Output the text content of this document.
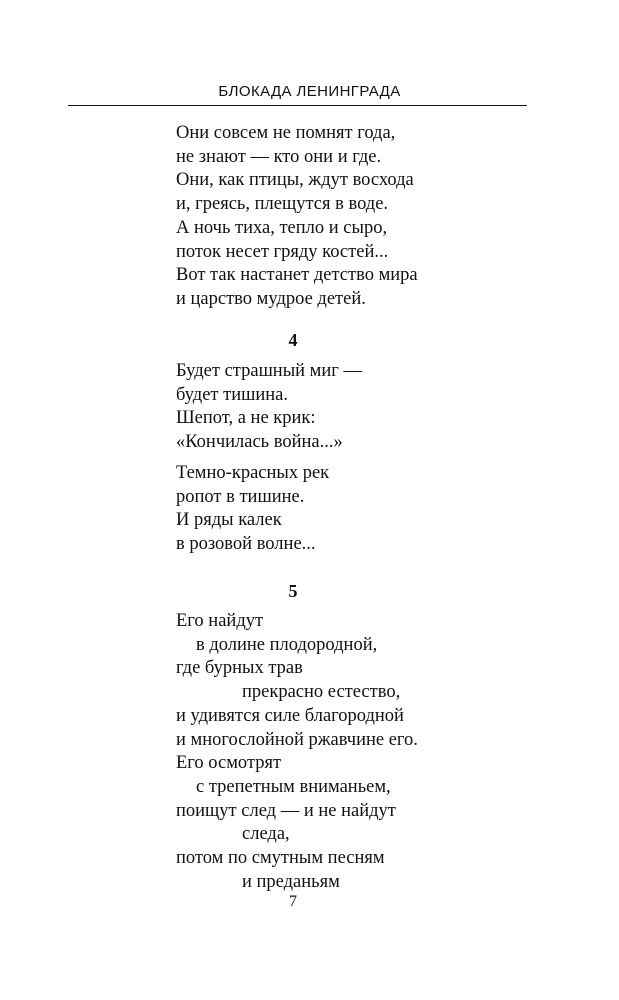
БЛОКАДА ЛЕНИНГРАДА
Они совсем не помнят года,
не знают — кто они и где.
Они, как птицы, ждут восхода
и, греясь, плещутся в воде.
А ночь тиха, тепло и сыро,
поток несет гряду костей...
Вот так настанет детство мира
и царство мудрое детей.
4
Будет страшный миг —
будет тишина.
Шепот, а не крик:
«Кончилась война...»
Темно-красных рек
ропот в тишине.
И ряды калек
в розовой волне...
5
Его найдут
в долине плодородной,
где бурных трав
прекрасно естество,
и удивятся силе благородной
и многослойной ржавчине его.
Его осмотрят
с трепетным вниманьем,
поищут след — и не найдут
следа,
потом по смутным песням
и преданьям
7
